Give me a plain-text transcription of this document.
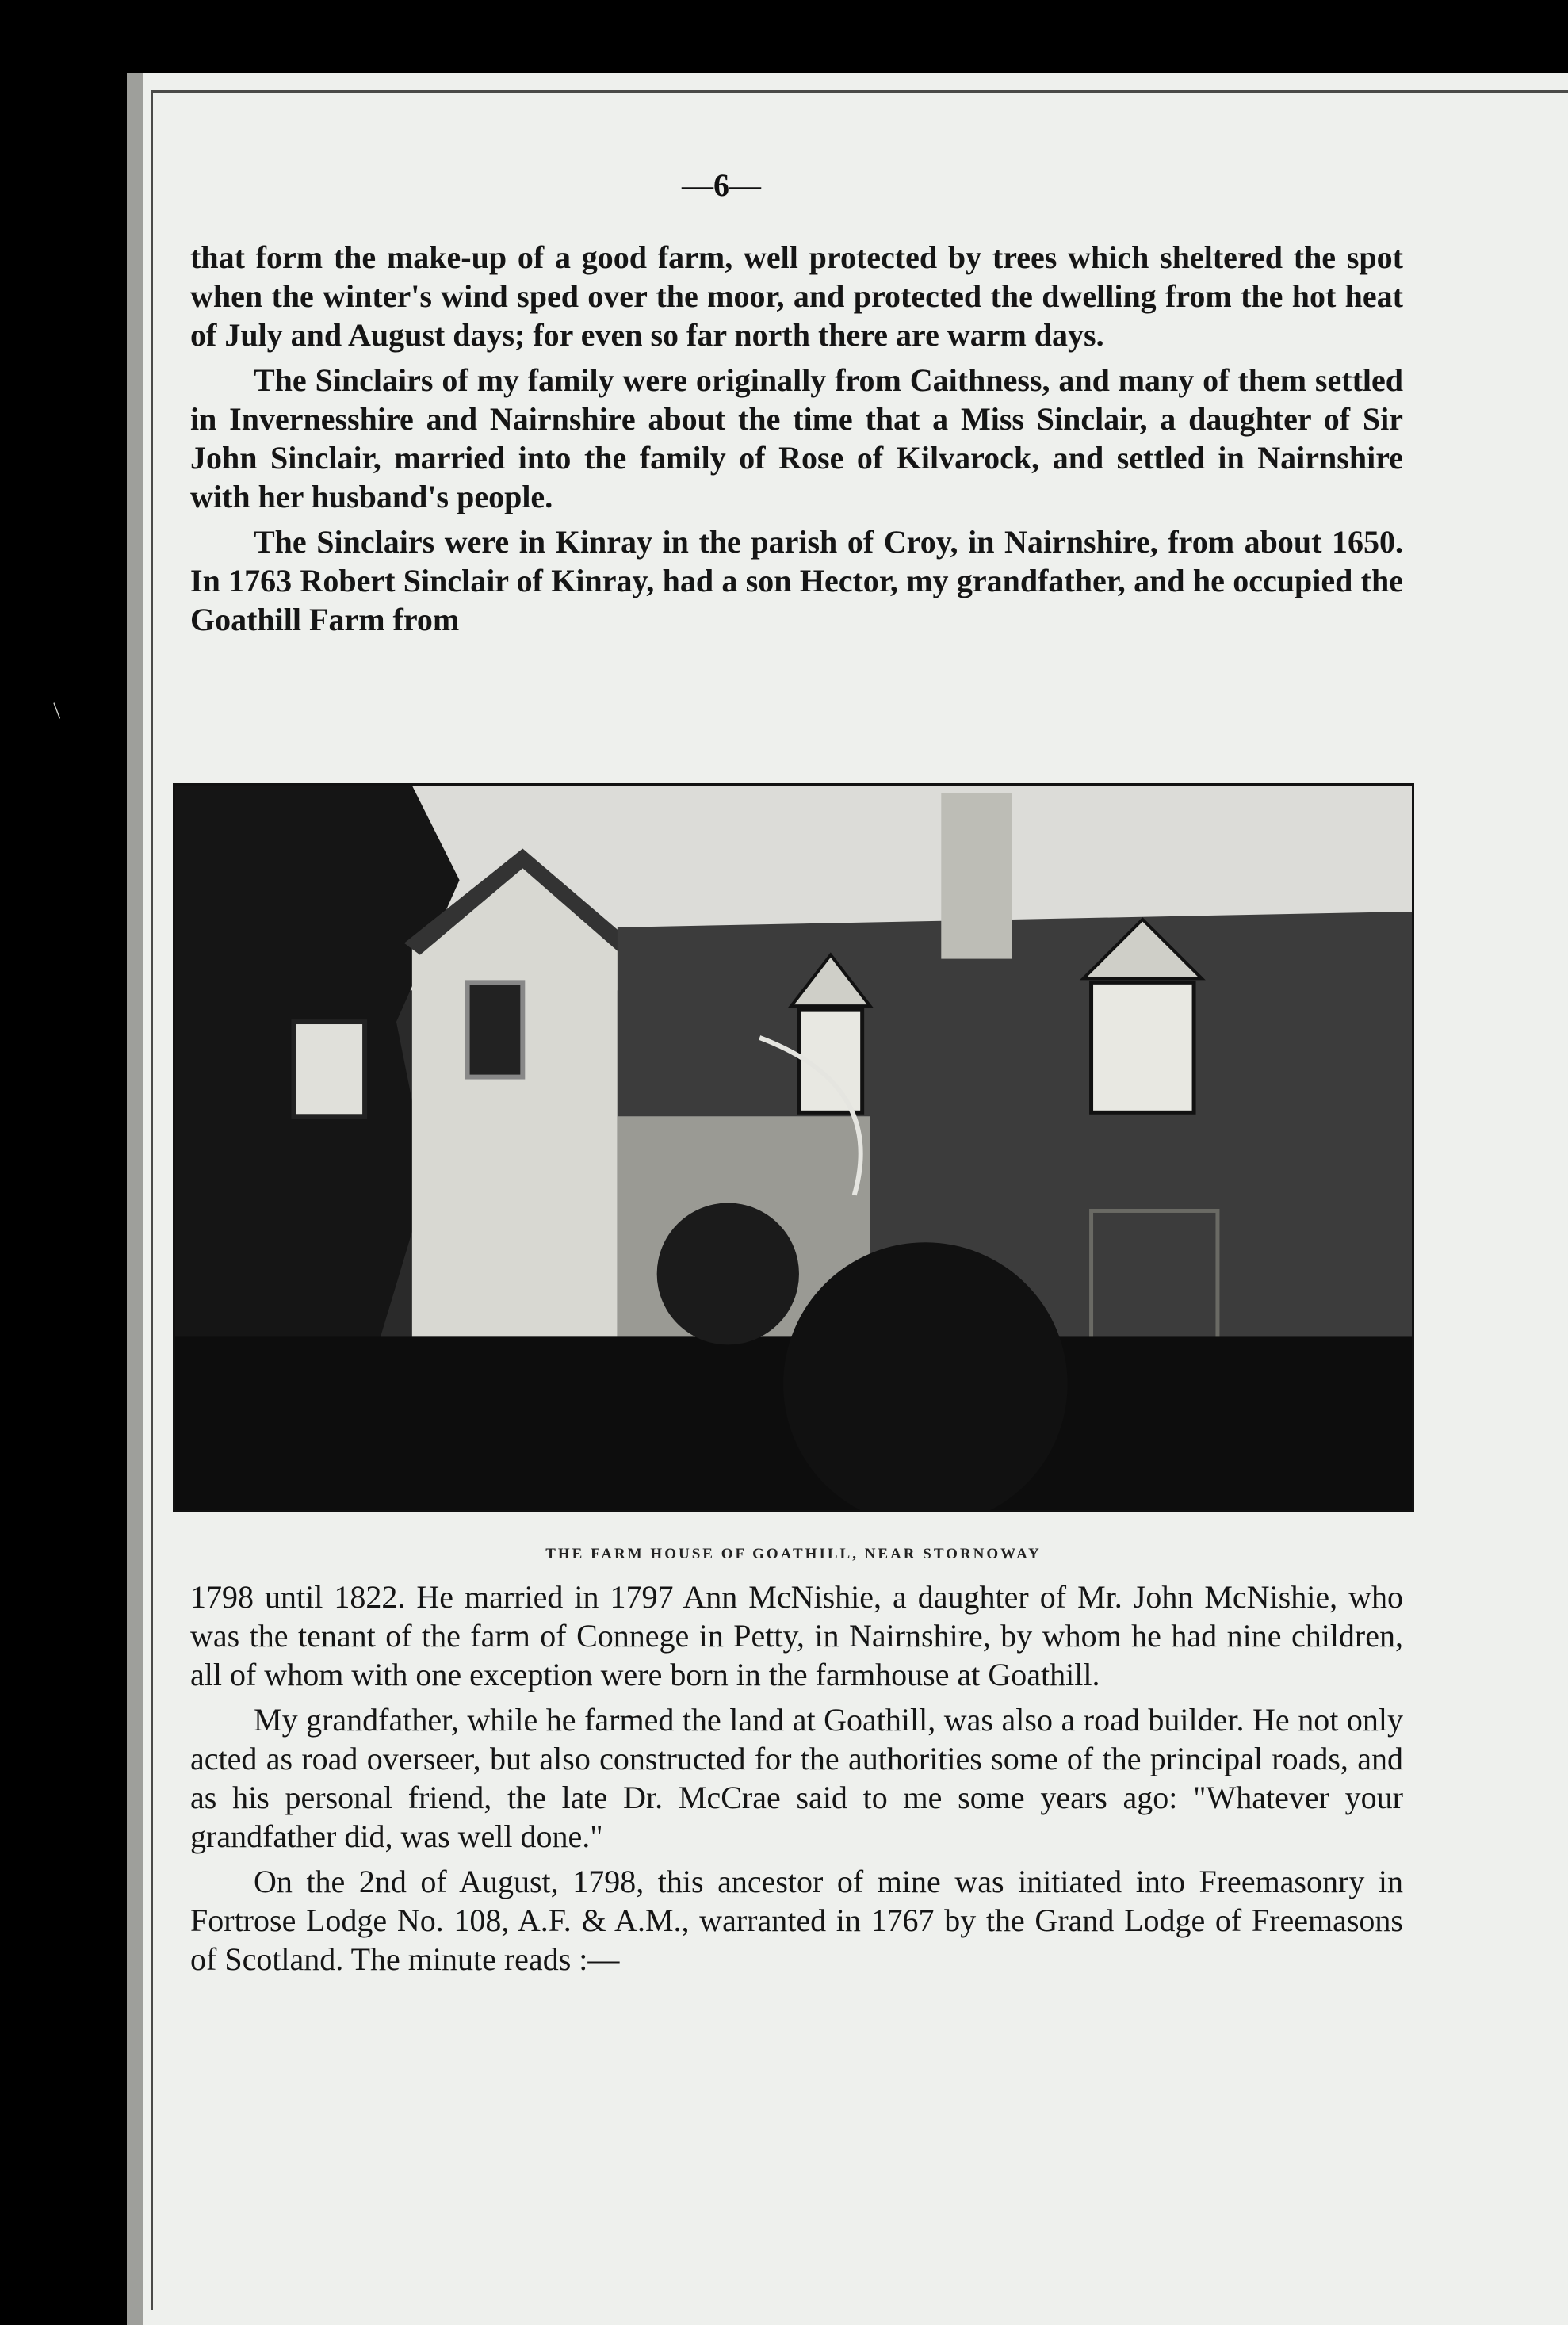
—6—

that form the make-up of a good farm, well protected by trees which sheltered the spot when the winter's wind sped over the moor, and protected the dwelling from the hot heat of July and August days; for even so far north there are warm days.

The Sinclairs of my family were originally from Caithness, and many of them settled in Invernesshire and Nairnshire about the time that a Miss Sinclair, a daughter of Sir John Sinclair, married into the family of Rose of Kilvarock, and settled in Nairnshire with her husband's people.

The Sinclairs were in Kinray in the parish of Croy, in Nairnshire, from about 1650. In 1763 Robert Sinclair of Kinray, had a son Hector, my grandfather, and he occupied the Goathill Farm from

THE FARM HOUSE OF GOATHILL, NEAR STORNOWAY

1798 until 1822. He married in 1797 Ann McNishie, a daughter of Mr. John McNishie, who was the tenant of the farm of Connege in Petty, in Nairnshire, by whom he had nine children, all of whom with one exception were born in the farmhouse at Goathill.

My grandfather, while he farmed the land at Goathill, was also a road builder. He not only acted as road overseer, but also constructed for the authorities some of the principal roads, and as his personal friend, the late Dr. McCrae said to me some years ago: "Whatever your grandfather did, was well done."

On the 2nd of August, 1798, this ancestor of mine was initiated into Freemasonry in Fortrose Lodge No. 108, A.F. & A.M., warranted in 1767 by the Grand Lodge of Freemasons of Scotland. The minute reads :—

/
